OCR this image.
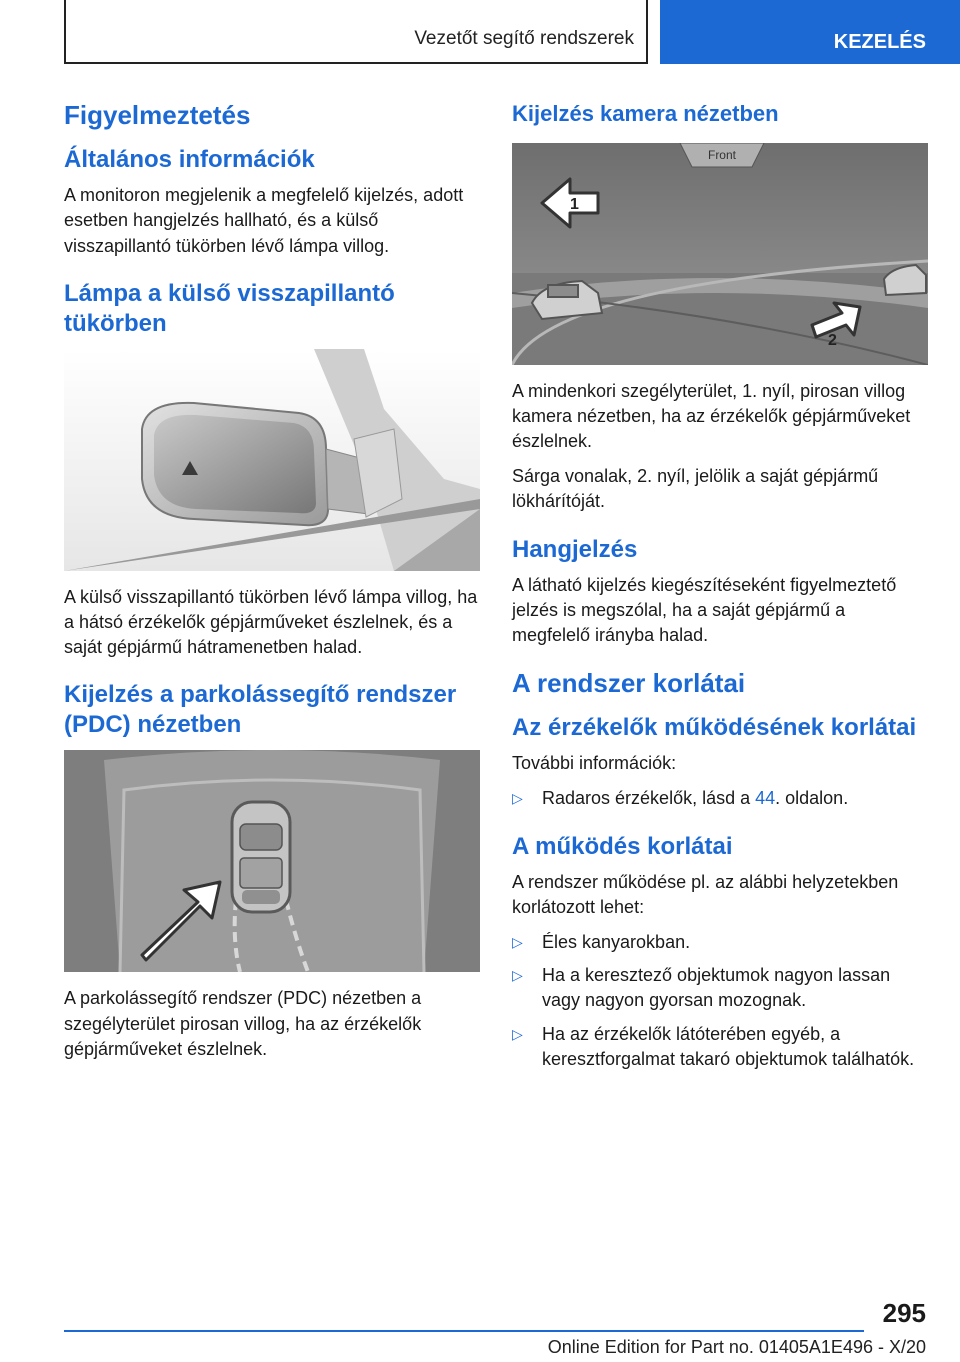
Vezetőt segítő rendszerek	KEZELÉS
Figyelmeztetés
Általános információk

A monitoron megjelenik a megfelelő kijelzés, adott esetben hangjelzés hallható, és a külső visszapillantó tükörben lévő lámpa villog.

Lámpa a külső visszapillantó tükörben

A külső visszapillantó tükörben lévő lámpa villog, ha a hátsó érzékelők gépjárműveket észlelnek, és a saját gépjármű hátramenetben halad.

Kijelzés a parkolássegítő rendszer (PDC) nézetben

A parkolássegítő rendszer (PDC) nézetben a szegélyterület pirosan villog, ha az érzékelők gépjárműveket észlelnek.

Kijelzés kamera nézetben
Front
1
2

A mindenkori szegélyterület, 1. nyíl, pirosan villog kamera nézetben, ha az érzékelők gépjárműveket észlelnek.

Sárga vonalak, 2. nyíl, jelölik a saját gépjármű lökhárítóját.

Hangjelzés

A látható kijelzés kiegészítéseként figyelmeztető jelzés is megszólal, ha a saját gépjármű a megfelelő irányba halad.

A rendszer korlátai
Az érzékelők működésének korlátai

További információk:

▷	Radaros érzékelők, lásd a 44. oldalon.
A működés korlátai

A rendszer működése pl. az alábbi helyzetekben korlátozott lehet:

▷	Éles kanyarokban.
▷	Ha a keresztező objektumok nagyon lassan vagy nagyon gyorsan mozognak.
▷	Ha az érzékelők látóterében egyéb, a keresztforgalmat takaró objektumok találhatók.
295
Online Edition for Part no. 01405A1E496 - X/20
